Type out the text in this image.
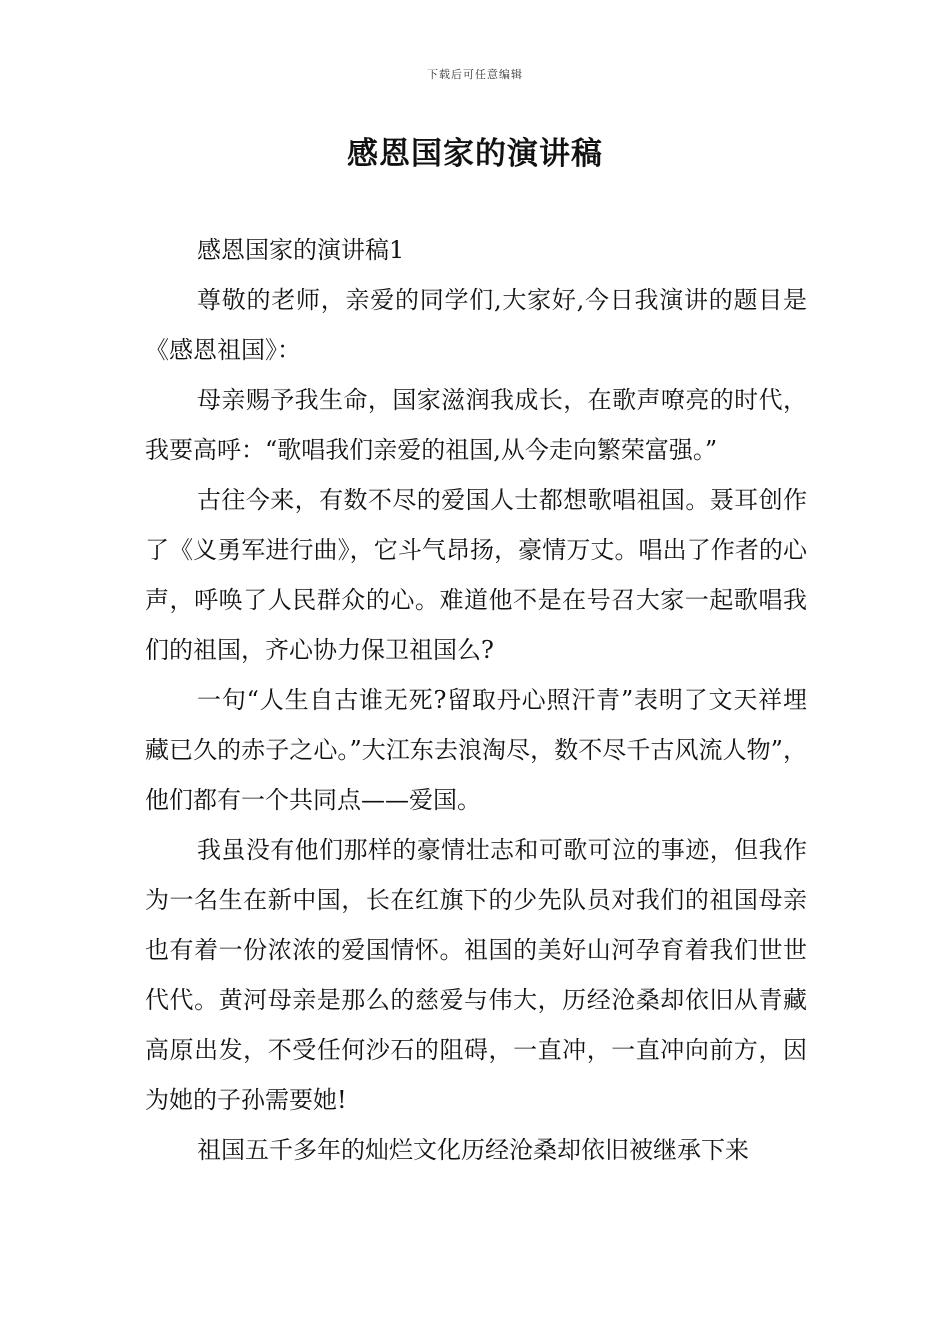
下载后可任意编辑
感恩国家的演讲稿

感恩国家的演讲稿1

尊敬的老师，亲爱的同学们,大家好,今日我演讲的题目是《感恩祖国》：

母亲赐予我生命，国家滋润我成长，在歌声嘹亮的时代，我要高呼：“歌唱我们亲爱的祖国,从今走向繁荣富强。”

古往今来，有数不尽的爱国人士都想歌唱祖国。聂耳创作了《义勇军进行曲》，它斗气昂扬，豪情万丈。唱出了作者的心声，呼唤了人民群众的心。难道他不是在号召大家一起歌唱我们的祖国，齐心协力保卫祖国么?

一句“人生自古谁无死?留取丹心照汗青”表明了文天祥埋藏已久的赤子之心。”大江东去浪淘尽，数不尽千古风流人物”，他们都有一个共同点——爱国。

我虽没有他们那样的豪情壮志和可歌可泣的事迹，但我作为一名生在新中国，长在红旗下的少先队员对我们的祖国母亲也有着一份浓浓的爱国情怀。祖国的美好山河孕育着我们世世代代。黄河母亲是那么的慈爱与伟大，历经沧桑却依旧从青藏高原出发，不受任何沙石的阻碍，一直冲，一直冲向前方，因为她的子孙需要她!

祖国五千多年的灿烂文化历经沧桑却依旧被继承下来
